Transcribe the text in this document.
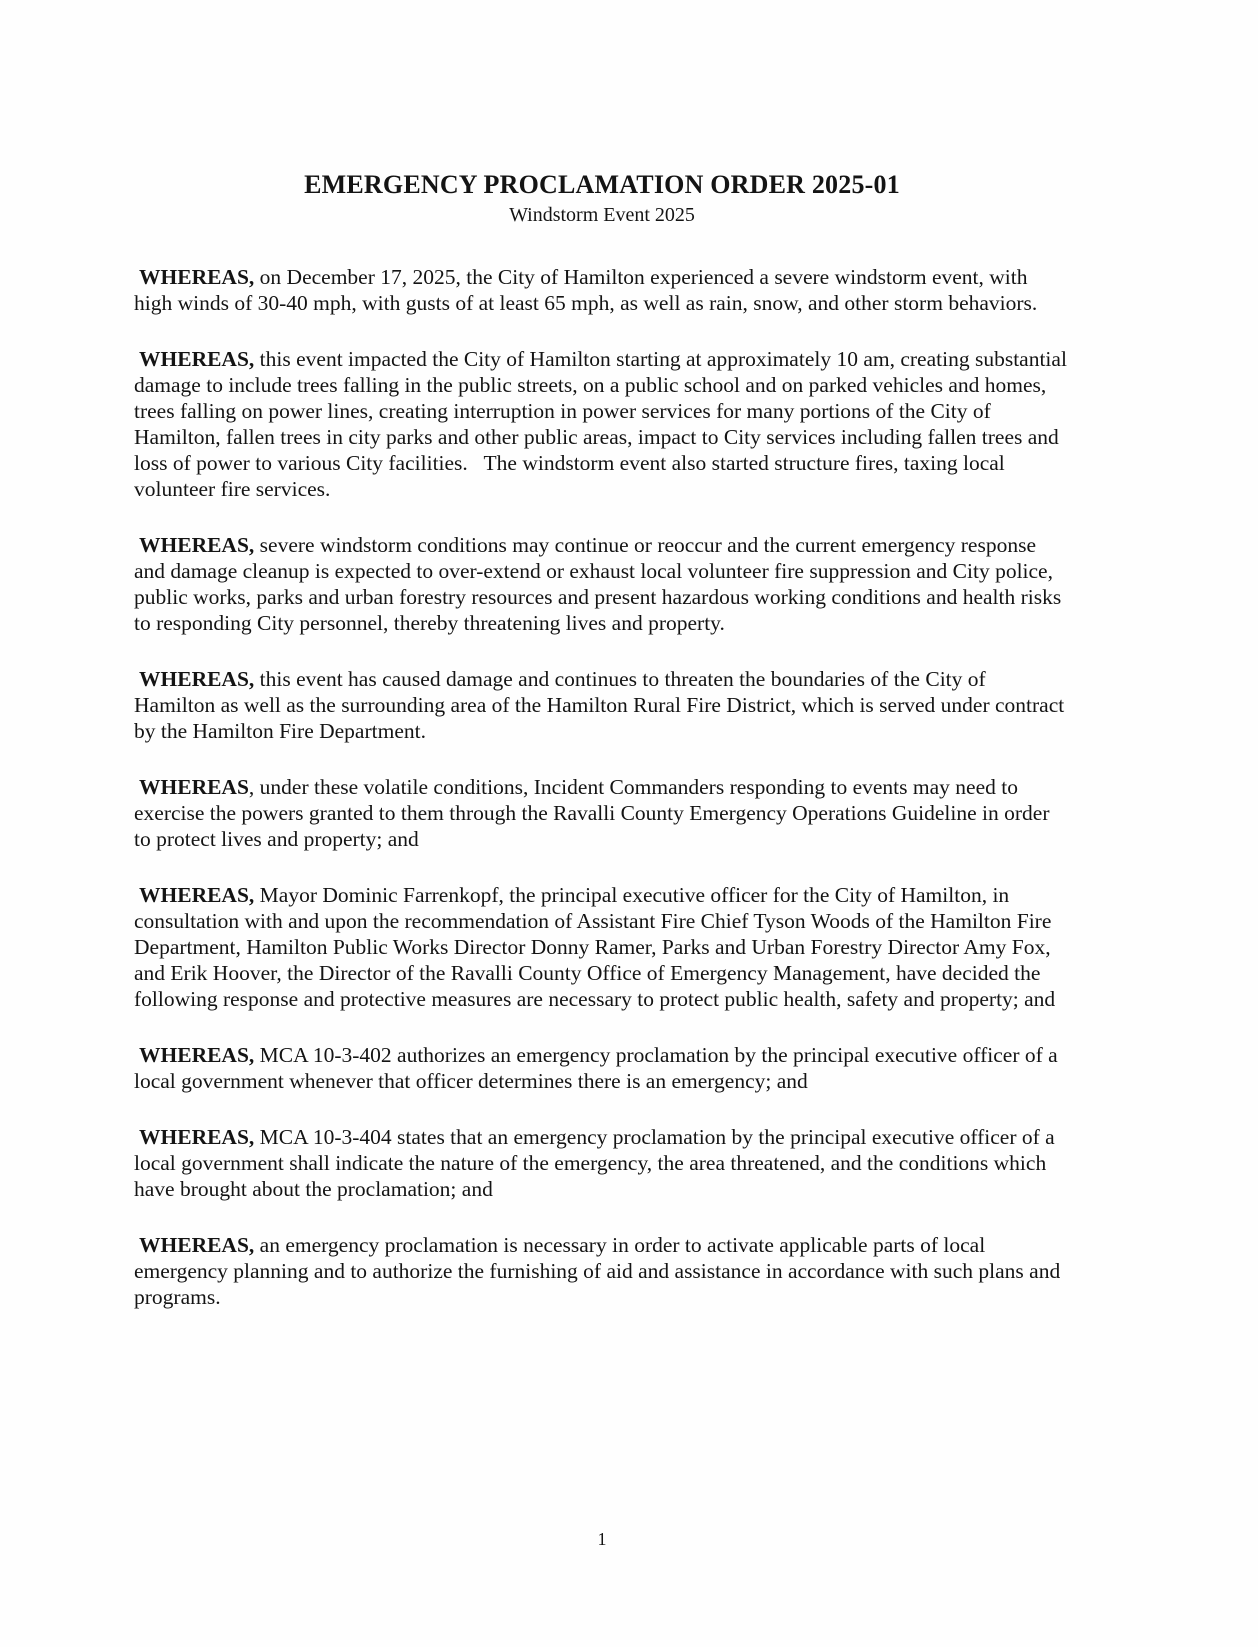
EMERGENCY PROCLAMATION ORDER 2025-01
Windstorm Event 2025

WHEREAS, on December 17, 2025, the City of Hamilton experienced a severe windstorm event, with high winds of 30-40 mph, with gusts of at least 65 mph, as well as rain, snow, and other storm behaviors.

WHEREAS, this event impacted the City of Hamilton starting at approximately 10 am, creating substantial damage to include trees falling in the public streets, on a public school and on parked vehicles and homes, trees falling on power lines, creating interruption in power services for many portions of the City of Hamilton, fallen trees in city parks and other public areas, impact to City services including fallen trees and loss of power to various City facilities.   The windstorm event also started structure fires, taxing local volunteer fire services.

WHEREAS, severe windstorm conditions may continue or reoccur and the current emergency response and damage cleanup is expected to over-extend or exhaust local volunteer fire suppression and City police, public works, parks and urban forestry resources and present hazardous working conditions and health risks to responding City personnel, thereby threatening lives and property.

WHEREAS, this event has caused damage and continues to threaten the boundaries of the City of Hamilton as well as the surrounding area of the Hamilton Rural Fire District, which is served under contract by the Hamilton Fire Department.

WHEREAS, under these volatile conditions, Incident Commanders responding to events may need to exercise the powers granted to them through the Ravalli County Emergency Operations Guideline in order to protect lives and property; and

WHEREAS, Mayor Dominic Farrenkopf, the principal executive officer for the City of Hamilton, in consultation with and upon the recommendation of Assistant Fire Chief Tyson Woods of the Hamilton Fire Department, Hamilton Public Works Director Donny Ramer, Parks and Urban Forestry Director Amy Fox, and Erik Hoover, the Director of the Ravalli County Office of Emergency Management, have decided the following response and protective measures are necessary to protect public health, safety and property; and

WHEREAS, MCA 10-3-402 authorizes an emergency proclamation by the principal executive officer of a local government whenever that officer determines there is an emergency; and

WHEREAS, MCA 10-3-404 states that an emergency proclamation by the principal executive officer of a local government shall indicate the nature of the emergency, the area threatened, and the conditions which have brought about the proclamation; and

WHEREAS, an emergency proclamation is necessary in order to activate applicable parts of local emergency planning and to authorize the furnishing of aid and assistance in accordance with such plans and programs.

1
